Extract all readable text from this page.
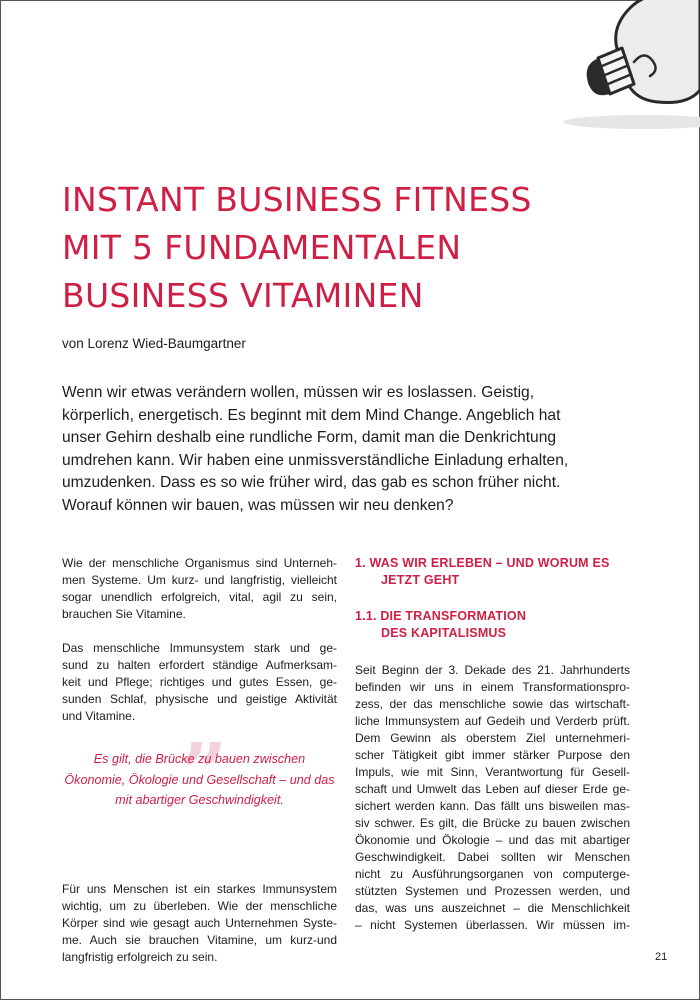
INSTANT BUSINESS FITNESS
MIT 5 FUNDAMENTALEN
BUSINESS VITAMINEN
von Lorenz Wied-Baumgartner
Wenn wir etwas verändern wollen, müssen wir es loslassen. Geistig,
körperlich, energetisch. Es beginnt mit dem Mind Change. Angeblich hat
unser Gehirn deshalb eine rundliche Form, damit man die Denkrichtung
umdrehen kann. Wir haben eine unmissverständliche Einladung erhalten,
umzudenken. Dass es so wie früher wird, das gab es schon früher nicht.
Worauf können wir bauen, was müssen wir neu denken?

Wie der menschliche Organismus sind Unterneh-
men Systeme. Um kurz- und langfristig, vielleicht
sogar unendlich erfolgreich, vital, agil zu sein,
brauchen Sie Vitamine.

Das menschliche Immunsystem stark und ge-
sund zu halten erfordert ständige Aufmerksam-
keit und Pflege; richtiges und gutes Essen, ge-
sunden Schlaf, physische und geistige Aktivität
und Vitamine.

”
Es gilt, die Brücke zu bauen zwischen
Ökonomie, Ökologie und Gesellschaft – und das
mit abartiger Geschwindigkeit.

Für uns Menschen ist ein starkes Immunsystem
wichtig, um zu überleben. Wie der menschliche
Körper sind wie gesagt auch Unternehmen Syste-
me. Auch sie brauchen Vitamine, um kurz-und
langfristig erfolgreich zu sein.

1. WAS WIR ERLEBEN – UND WORUM ES
JETZT GEHT
1.1. DIE TRANSFORMATION
DES KAPITALISMUS

Seit Beginn der 3. Dekade des 21. Jahrhunderts
befinden wir uns in einem Transformationspro-
zess, der das menschliche sowie das wirtschaft-
liche Immunsystem auf Gedeih und Verderb prüft.
Dem Gewinn als oberstem Ziel unternehmeri-
scher Tätigkeit gibt immer stärker Purpose den
Impuls, wie mit Sinn, Verantwortung für Gesell-
schaft und Umwelt das Leben auf dieser Erde ge-
sichert werden kann. Das fällt uns bisweilen mas-
siv schwer. Es gilt, die Brücke zu bauen zwischen
Ökonomie und Ökologie – und das mit abartiger
Geschwindigkeit. Dabei sollten wir Menschen
nicht zu Ausführungsorganen von computerge-
stützten Systemen und Prozessen werden, und
das, was uns auszeichnet – die Menschlichkeit
– nicht Systemen überlassen. Wir müssen im-

21
